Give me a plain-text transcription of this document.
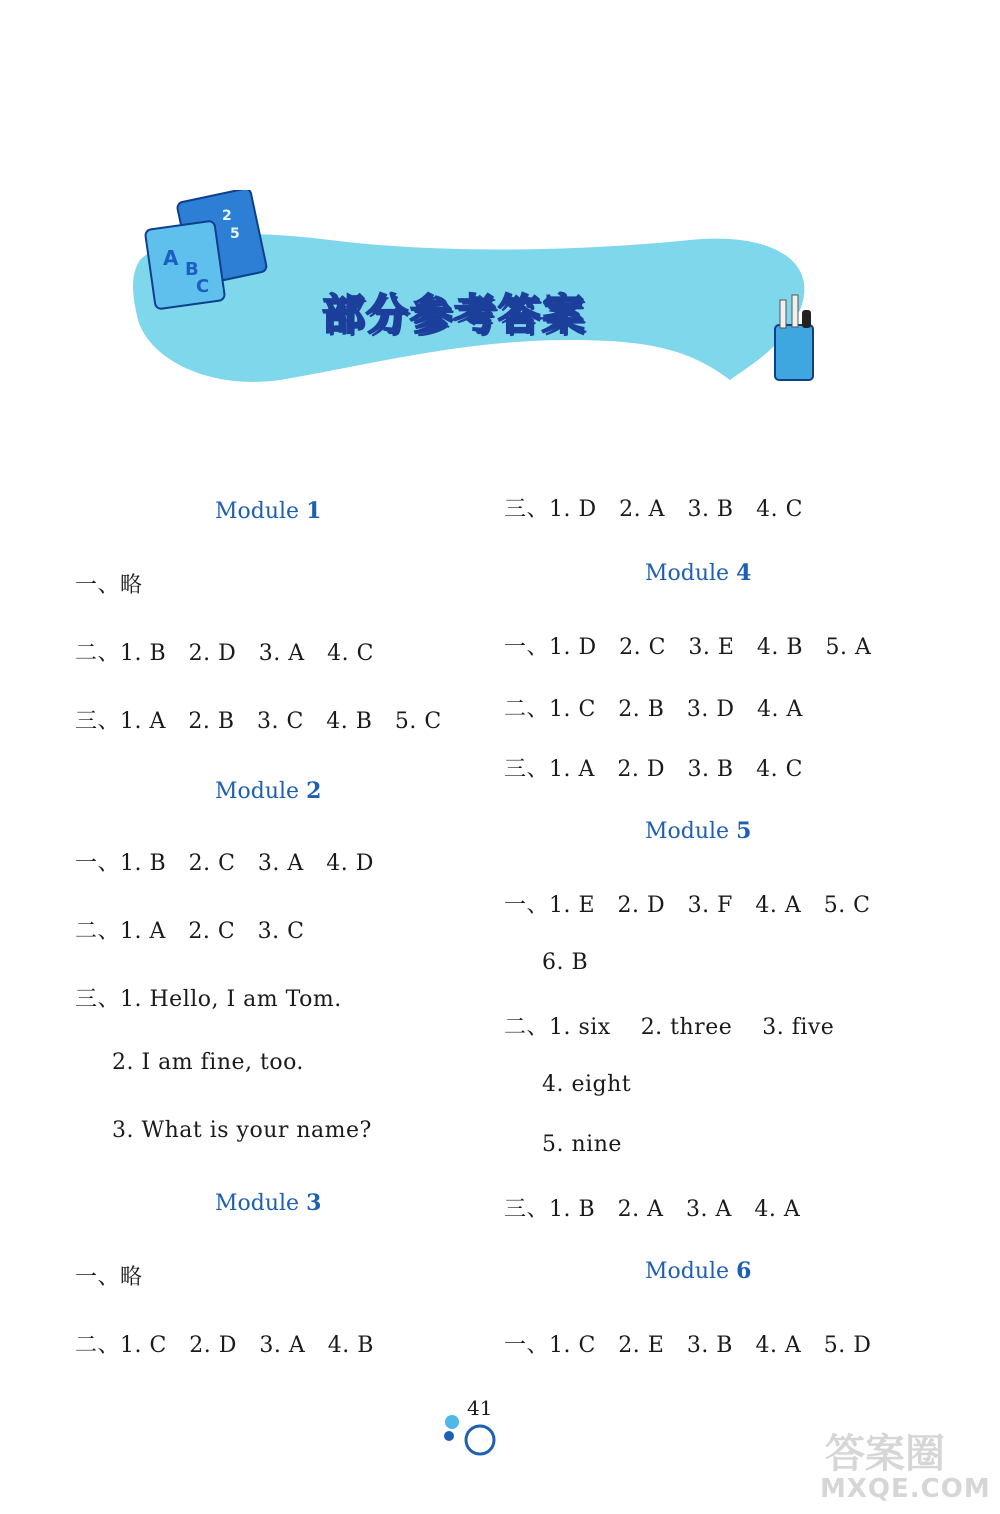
A B
C
2
5
部分参考答案
Module 1
一、略
二、1. B   2. D   3. A   4. C
三、1. A   2. B   3. C   4. B   5. C
Module 2
一、1. B   2. C   3. A   4. D
二、1. A   2. C   3. C
三、1. Hello, I am Tom.
2. I am fine, too.
3. What is your name?
Module 3
一、略
二、1. C   2. D   3. A   4. B
三、1. D   2. A   3. B   4. C
Module 4
一、1. D   2. C   3. E   4. B   5. A
二、1. C   2. B   3. D   4. A
三、1. A   2. D   3. B   4. C
Module 5
一、1. E   2. D   3. F   4. A   5. C
6. B
二、1. six    2. three    3. five
4. eight
5. nine
三、1. B   2. A   3. A   4. A
Module 6
一、1. C   2. E   3. B   4. A   5. D
41
答案圈
MXQE.COM
